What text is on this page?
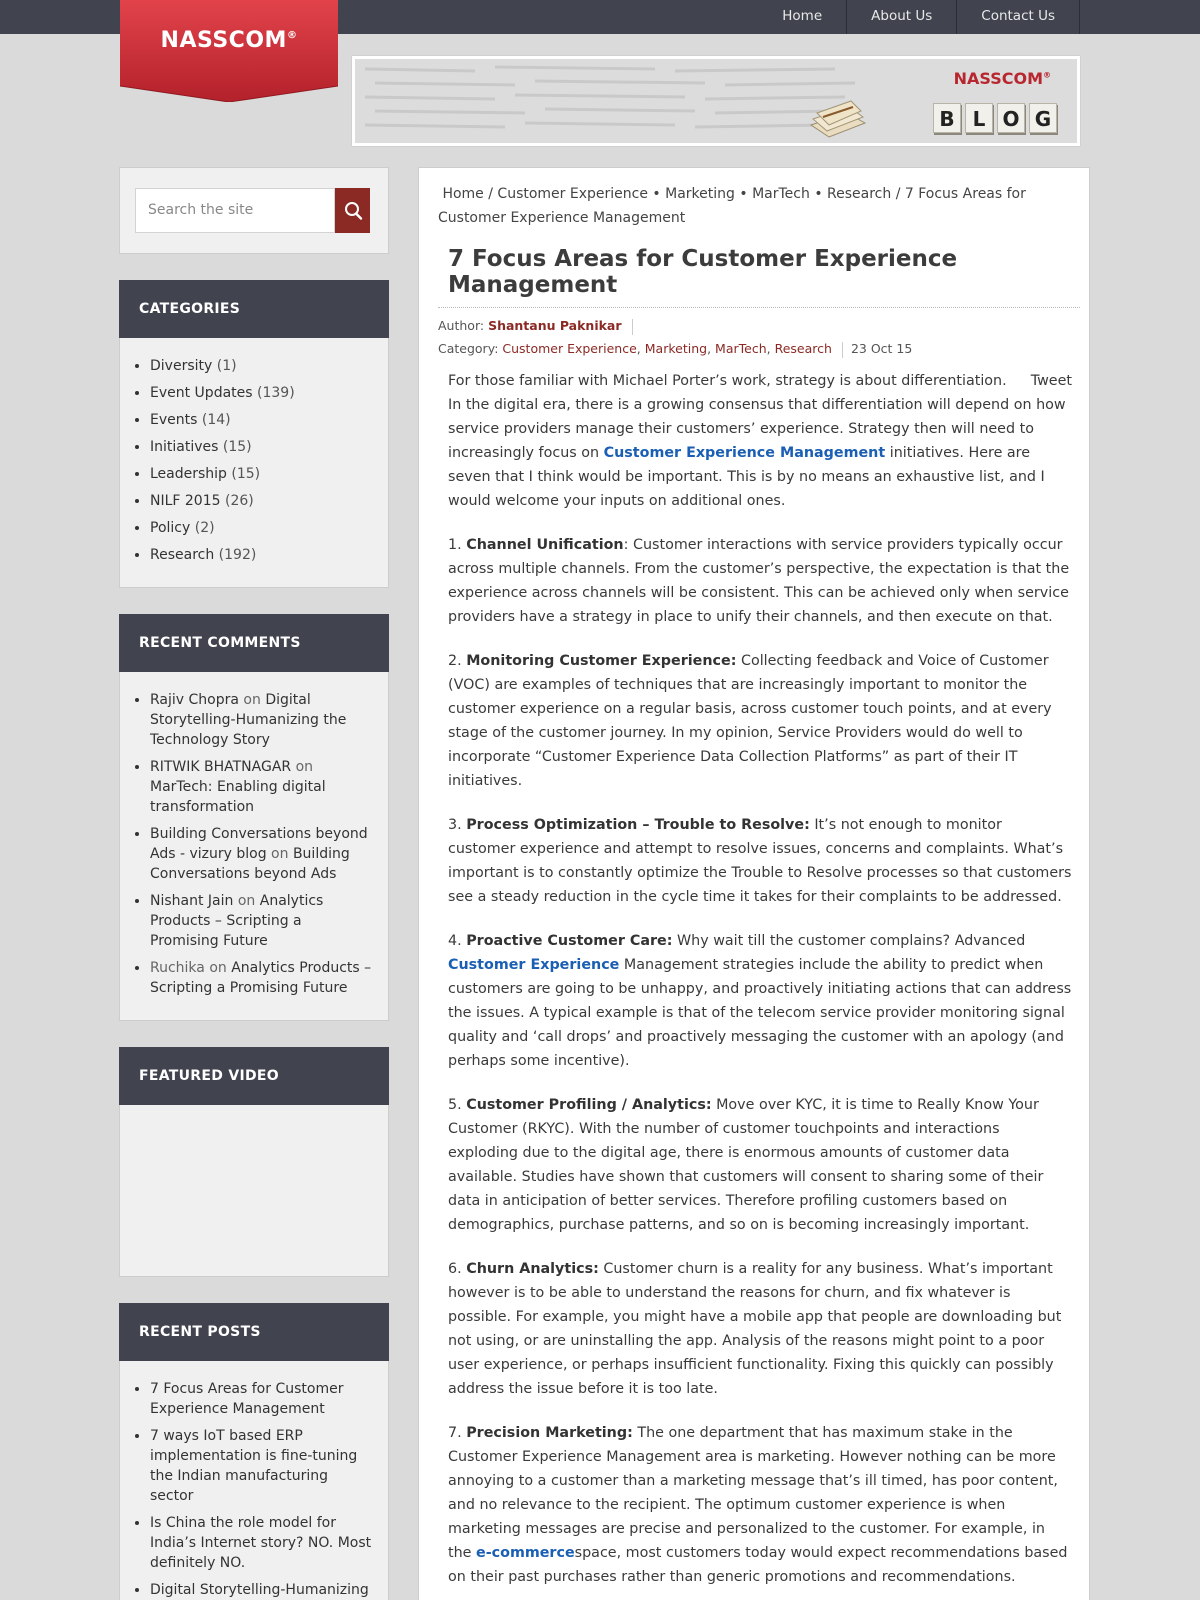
Home	About Us	Contact Us
NASSCOM®
NASSCOM®
B L O G
Search the site
CATEGORIES
• Diversity (1)
• Event Updates (139)
• Events (14)
• Initiatives (15)
• Leadership (15)
• NILF 2015 (26)
• Policy (2)
• Research (192)
RECENT COMMENTS
• Rajiv Chopra on Digital Storytelling-Humanizing the Technology Story
• RITWIK BHATNAGAR on MarTech: Enabling digital transformation
• Building Conversations beyond Ads - vizury blog on Building Conversations beyond Ads
• Nishant Jain on Analytics Products – Scripting a Promising Future
• Ruchika on Analytics Products – Scripting a Promising Future
FEATURED VIDEO
RECENT POSTS
• 7 Focus Areas for Customer Experience Management
• 7 ways IoT based ERP implementation is fine-tuning the Indian manufacturing sector
• Is China the role model for India’s Internet story? NO. Most definitely NO.
• Digital Storytelling-Humanizing
Home / Customer Experience • Marketing • MarTech • Research / 7 Focus Areas for Customer Experience Management
7 Focus Areas for Customer Experience Management
Author: Shantanu Paknikar
Category: Customer Experience, Marketing, MarTech, Research 23 Oct 15

Tweet
For those familiar with Michael Porter’s work, strategy is about differentiation. In the digital era, there is a growing consensus that differentiation will depend on how service providers manage their customers’ experience. Strategy then will need to increasingly focus on Customer Experience Management initiatives. Here are seven that I think would be important. This is by no means an exhaustive list, and I would welcome your inputs on additional ones.

1. Channel Unification: Customer interactions with service providers typically occur across multiple channels. From the customer’s perspective, the expectation is that the experience across channels will be consistent. This can be achieved only when service providers have a strategy in place to unify their channels, and then execute on that.

2. Monitoring Customer Experience: Collecting feedback and Voice of Customer (VOC) are examples of techniques that are increasingly important to monitor the customer experience on a regular basis, across customer touch points, and at every stage of the customer journey. In my opinion, Service Providers would do well to incorporate “Customer Experience Data Collection Platforms” as part of their IT initiatives.

3. Process Optimization – Trouble to Resolve: It’s not enough to monitor customer experience and attempt to resolve issues, concerns and complaints. What’s important is to constantly optimize the Trouble to Resolve processes so that customers see a steady reduction in the cycle time it takes for their complaints to be addressed.

4. Proactive Customer Care: Why wait till the customer complains? Advanced Customer Experience Management strategies include the ability to predict when customers are going to be unhappy, and proactively initiating actions that can address the issues. A typical example is that of the telecom service provider monitoring signal quality and ‘call drops’ and proactively messaging the customer with an apology (and perhaps some incentive).

5. Customer Profiling / Analytics: Move over KYC, it is time to Really Know Your Customer (RKYC). With the number of customer touchpoints and interactions exploding due to the digital age, there is enormous amounts of customer data available. Studies have shown that customers will consent to sharing some of their data in anticipation of better services. Therefore profiling customers based on demographics, purchase patterns, and so on is becoming increasingly important.

6. Churn Analytics: Customer churn is a reality for any business. What’s important however is to be able to understand the reasons for churn, and fix whatever is possible. For example, you might have a mobile app that people are downloading but not using, or are uninstalling the app. Analysis of the reasons might point to a poor user experience, or perhaps insufficient functionality. Fixing this quickly can possibly address the issue before it is too late.

7. Precision Marketing: The one department that has maximum stake in the Customer Experience Management area is marketing. However nothing can be more annoying to a customer than a marketing message that’s ill timed, has poor content, and no relevance to the recipient. The optimum customer experience is when marketing messages are precise and personalized to the customer. For example, in the e-commercespace, most customers today would expect recommendations based on their past purchases rather than generic promotions and recommendations.
